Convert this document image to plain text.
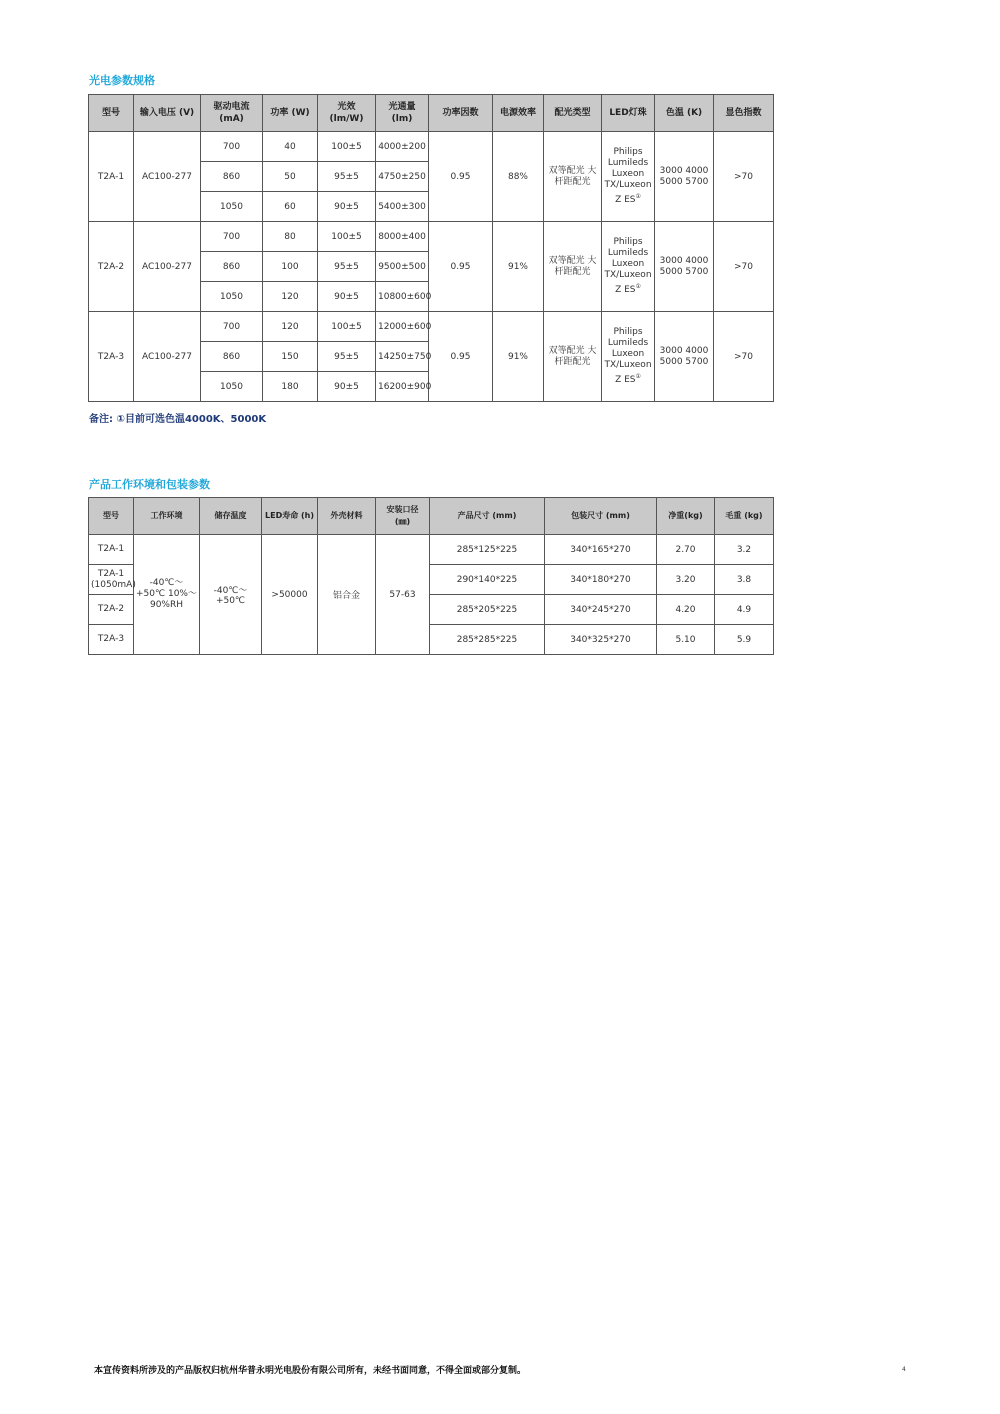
光电参数规格
型号	输入电压 (V)	驱动电流 (mA)	功率 (W)	光效 (lm/W)	光通量 (lm)	功率因数	电源效率	配光类型	LED灯珠	色温 (K)	显色指数
T2A-1	AC100-277	700	40	100±5	4000±200	0.95	88%	双等配光 大杆距配光	Philips Lumileds Luxeon TX/Luxeon Z ES①	3000 4000 5000 5700	>70
		860	50	95±5	4750±250						
		1050	60	90±5	5400±300						
T2A-2	AC100-277	700	80	100±5	8000±400	0.95	91%	双等配光 大杆距配光	Philips Lumileds Luxeon TX/Luxeon Z ES①	3000 4000 5000 5700	>70
		860	100	95±5	9500±500						
		1050	120	90±5	10800±600						
T2A-3	AC100-277	700	120	100±5	12000±600	0.95	91%	双等配光 大杆距配光	Philips Lumileds Luxeon TX/Luxeon Z ES①	3000 4000 5000 5700	>70
		860	150	95±5	14250±750						
		1050	180	90±5	16200±900						
备注: ①目前可选色温4000K、5000K
产品工作环境和包装参数
型号	工作环境	储存温度	LED寿命 (h)	外壳材料	安装口径 (㎜)	产品尺寸 (mm)	包装尺寸 (mm)	净重(kg)	毛重 (kg)
T2A-1	-40℃～+50℃ 10%～90%RH	-40℃～+50℃	>50000	铝合金	57-63	285*125*225	340*165*270	2.70	3.2
T2A-1 (1050mA)						290*140*225	340*180*270	3.20	3.8
T2A-2						285*205*225	340*245*270	4.20	4.9
T2A-3						285*285*225	340*325*270	5.10	5.9
本宣传资料所涉及的产品版权归杭州华普永明光电股份有限公司所有，未经书面同意，不得全面或部分复制。	4
